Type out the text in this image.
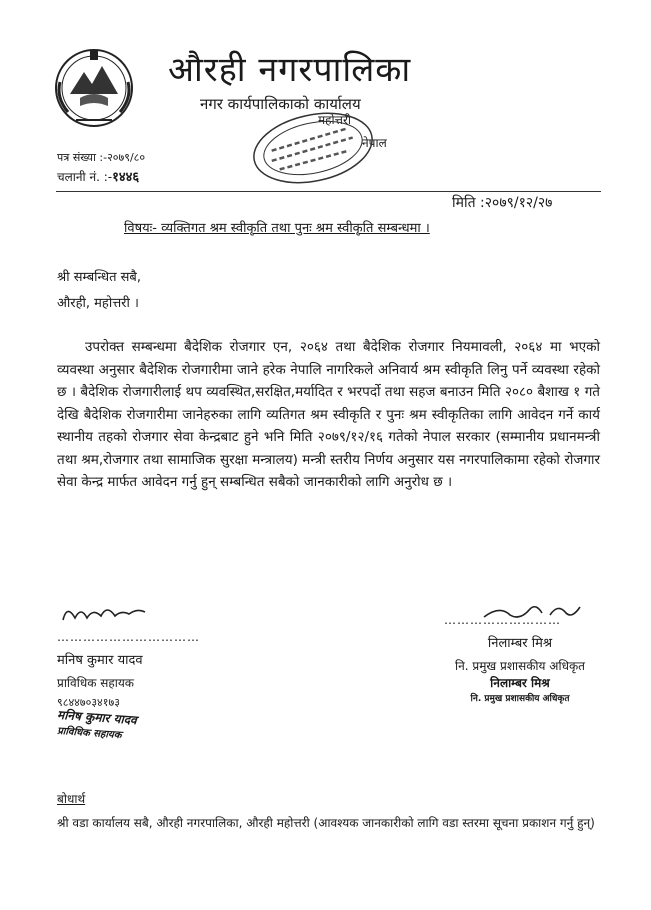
औरही नगरपालिका
नगर कार्यपालिकाको कार्यालय
महोत्तरी
नेपाल
पत्र संख्या :-२०७९/८०
चलानी नं. :-१४४६
मिति :२०७९/१२/२७
विषयः- व्यक्तिगत श्रम स्वीकृति तथा पुनः श्रम स्वीकृति सम्बन्धमा ।
श्री सम्बन्धित सबै,
औरही, महोत्तरी ।

उपरोक्त सम्बन्धमा बैदेशिक रोजगार एन, २०६४ तथा बैदेशिक रोजगार नियमावली, २०६४ मा भएको व्यवस्था अनुसार बैदेशिक रोजगारीमा जाने हरेक नेपालि नागरिकले अनिवार्य श्रम स्वीकृति लिनु पर्ने व्यवस्था रहेको छ । बैदेशिक रोजगारीलाई थप व्यवस्थित,सरक्षित,मर्यादित र भरपर्दो तथा सहज बनाउन मिति २०८० बैशाख १ गते देखि बैदेशिक रोजगारीमा जानेहरुका लागि व्यतिगत श्रम स्वीकृति र पुनः श्रम स्वीकृतिका लागि आवेदन गर्ने कार्य स्थानीय तहको रोजगार सेवा केन्द्रबाट हुने भनि मिति २०७९/१२/१६ गतेको नेपाल सरकार (सम्मानीय प्रधानमन्त्री तथा श्रम,रोजगार तथा सामाजिक सुरक्षा मन्त्रालय) मन्त्री स्तरीय निर्णय अनुसार यस नगरपालिकामा रहेको रोजगार सेवा केन्द्र मार्फत आवेदन गर्नु हुन् सम्बन्धित सबैको जानकारीको लागि अनुरोध छ ।

……………………………
मनिष कुमार यादव
प्राविधिक सहायक
९८४४७०३४१७३
मनिष कुमार यादव
प्राविधिक सहायक
………………………
निलाम्बर मिश्र
नि. प्रमुख प्रशासकीय अधिकृत
निलाम्बर मिश्र
नि. प्रमुख प्रशासकीय अधिकृत
बोधार्थ
श्री वडा कार्यालय सबै, औरही नगरपालिका, औरही महोत्तरी (आवश्यक जानकारीको लागि वडा स्तरमा सूचना प्रकाशन गर्नु हुन्)
